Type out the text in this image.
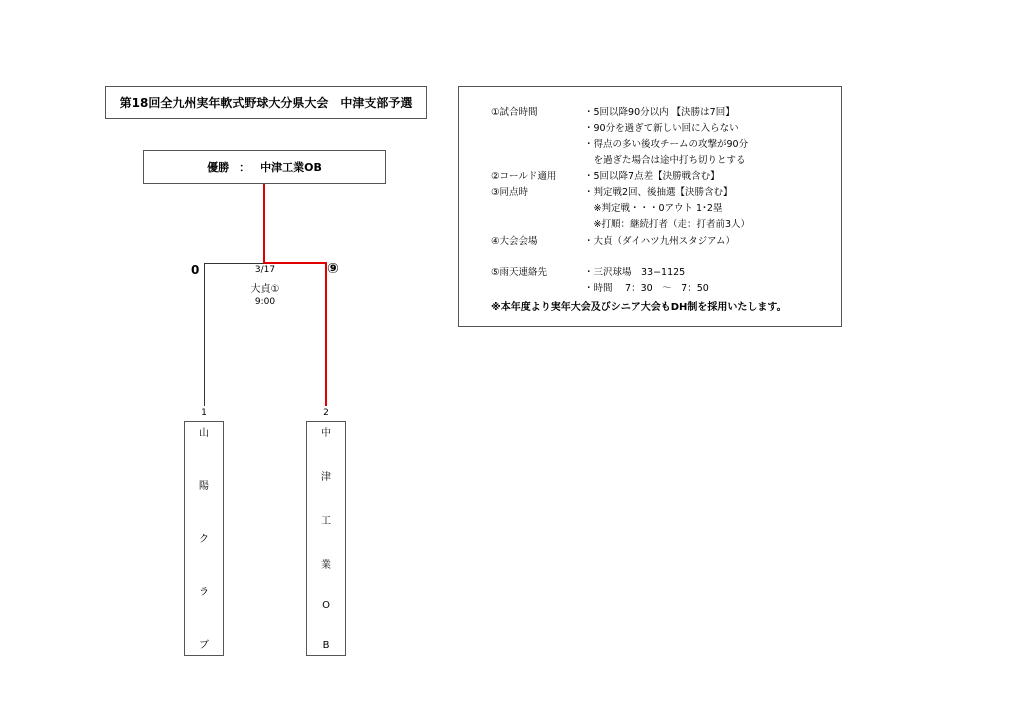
第18回全九州実年軟式野球大分県大会　中津支部予選
優勝 ： 中津工業OB
0	⑨
3/17
大貞①
9:00
1	2
山
陽
ク
ラ
ブ
中
津
工
業
O
B
①試合時間	・5回以降90分以内 【決勝は7回】
・90分を過ぎて新しい回に入らない
・得点の多い後攻チームの攻撃が90分
　を過ぎた場合は途中打ち切りとする
②コールド適用	・5回以降7点差【決勝戦含む】
③同点時	・判定戦2回、後抽選【決勝含む】
　※判定戦・・・0アウト 1･2塁
　※打順：継続打者（走：打者前3人）
④大会会場	・大貞（ダイハツ九州スタジアム）
⑤雨天連絡先	・三沢球場　33−1125
・時間　 7：30　～　7：50
※本年度より実年大会及びシニア大会もDH制を採用いたします。
